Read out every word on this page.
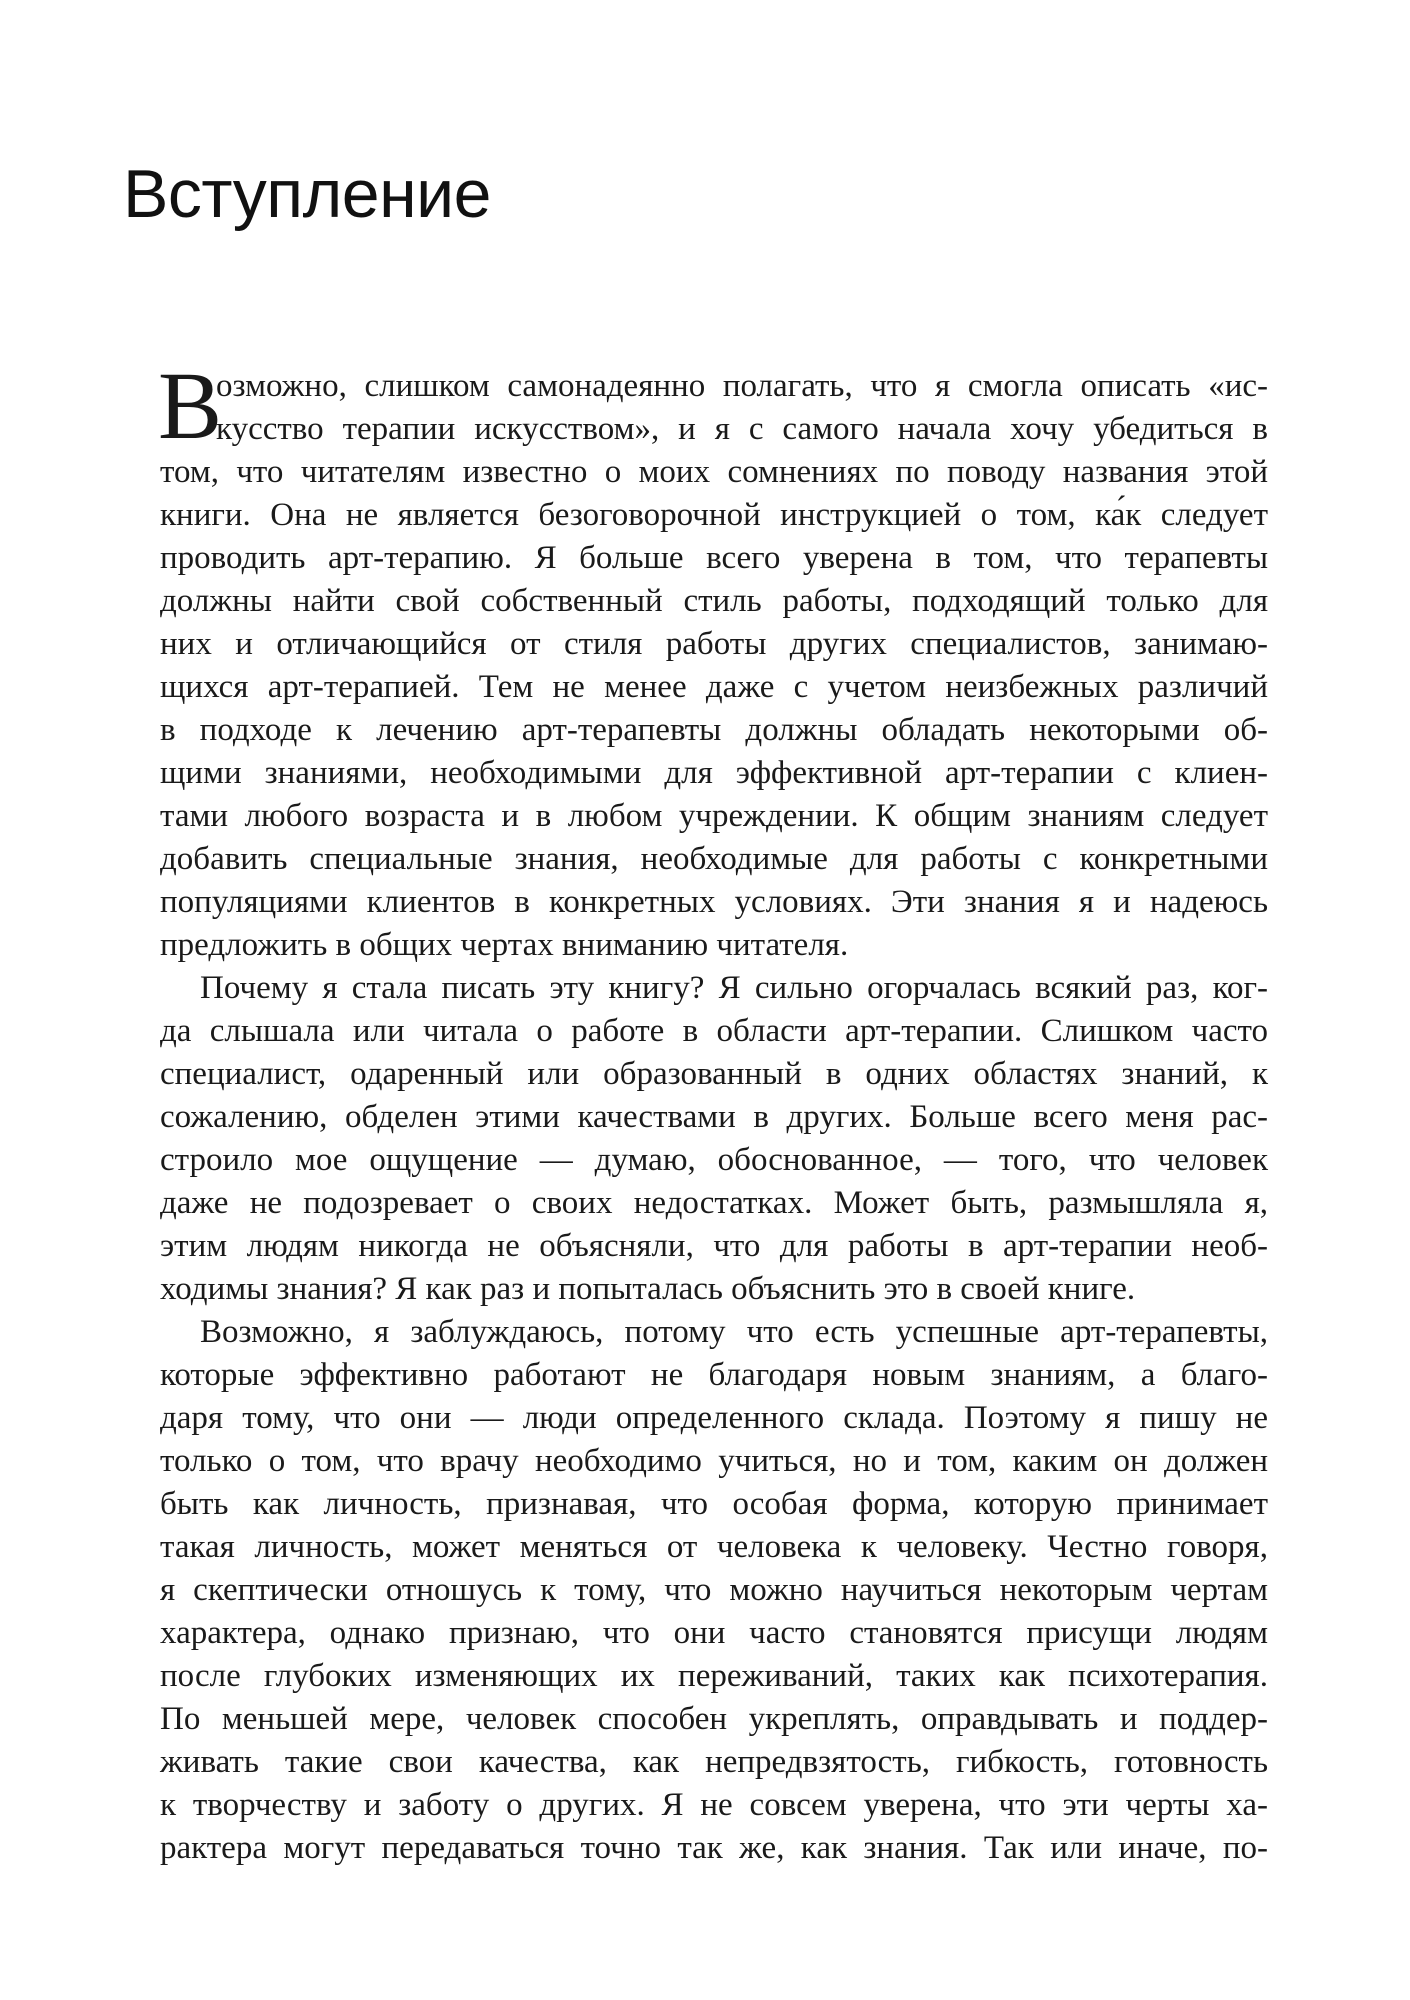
Вступление
В
озможно, слишком самонадеянно полагать, что я смогла описать «ис-
кусство терапии искусством», и я с самого начала хочу убедиться в
том, что читателям известно о моих сомнениях по поводу названия этой
книги. Она не является безоговорочной инструкцией о том, ка́к следует
проводить арт-терапию. Я больше всего уверена в том, что терапевты
должны найти свой собственный стиль работы, подходящий только для
них и отличающийся от стиля работы других специалистов, занимаю-
щихся арт-терапией. Тем не менее даже с учетом неизбежных различий
в подходе к лечению арт-терапевты должны обладать некоторыми об-
щими знаниями, необходимыми для эффективной арт-терапии с клиен-
тами любого возраста и в любом учреждении. К общим знаниям следует
добавить специальные знания, необходимые для работы с конкретными
популяциями клиентов в конкретных условиях. Эти знания я и надеюсь
предложить в общих чертах вниманию читателя.
Почему я стала писать эту книгу? Я сильно огорчалась всякий раз, ког-
да слышала или читала о работе в области арт-терапии. Слишком часто
специалист, одаренный или образованный в одних областях знаний, к
сожалению, обделен этими качествами в других. Больше всего меня рас-
строило мое ощущение — думаю, обоснованное, — того, что человек
даже не подозревает о своих недостатках. Может быть, размышляла я,
этим людям никогда не объясняли, что для работы в арт-терапии необ-
ходимы знания? Я как раз и попыталась объяснить это в своей книге.
Возможно, я заблуждаюсь, потому что есть успешные арт-терапевты,
которые эффективно работают не благодаря новым знаниям, а благо-
даря тому, что они — люди определенного склада. Поэтому я пишу не
только о том, что врачу необходимо учиться, но и том, каким он должен
быть как личность, признавая, что особая форма, которую принимает
такая личность, может меняться от человека к человеку. Честно говоря,
я скептически отношусь к тому, что можно научиться некоторым чертам
характера, однако признаю, что они часто становятся присущи людям
после глубоких изменяющих их переживаний, таких как психотерапия.
По меньшей мере, человек способен укреплять, оправдывать и поддер-
живать такие свои качества, как непредвзятость, гибкость, готовность
к творчеству и заботу о других. Я не совсем уверена, что эти черты ха-
рактера могут передаваться точно так же, как знания. Так или иначе, по-
